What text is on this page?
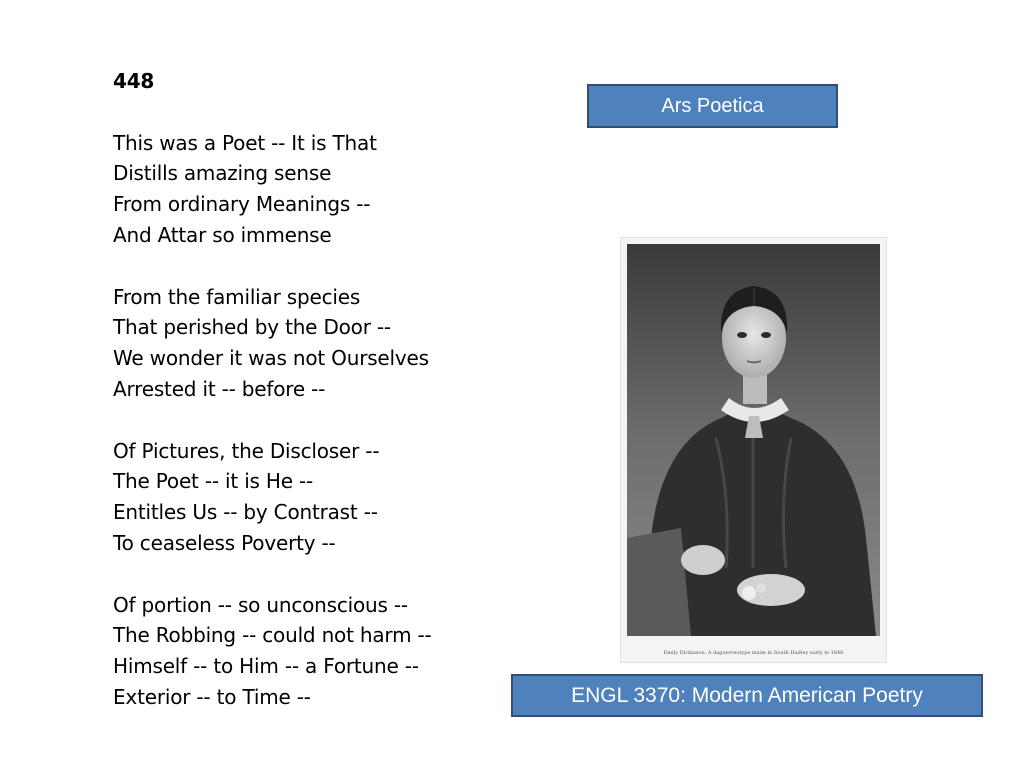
448
This was a Poet -- It is That
Distills amazing sense
From ordinary Meanings --
And Attar so immense
From the familiar species
That perished by the Door --
We wonder it was not Ourselves
Arrested it -- before --
Of Pictures, the Discloser --
The Poet -- it is He --
Entitles Us -- by Contrast --
To ceaseless Poverty --
Of portion -- so unconscious --
The Robbing -- could not harm --
Himself -- to Him -- a Fortune --
Exterior -- to Time --
Ars Poetica
Emily Dickinson. A daguerreotype made in South Hadley early in 1848
ENGL 3370: Modern American Poetry
